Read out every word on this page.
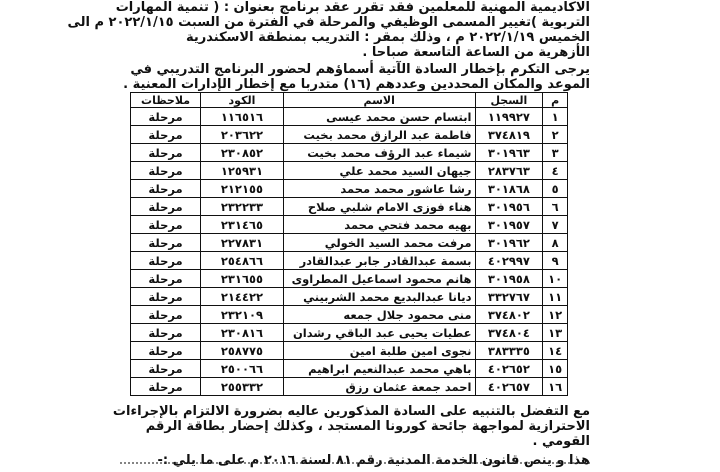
الاكاديمية المهنية للمعلمين فقد تقرر عقد برنامج بعنوان : ( تنمية المهارات

التربوية )تغيير المسمى الوظيفي والمرحلة في الفترة من السبت ٢٠٢٢/١/١٥ م الى

الخميس ٢٠٢٢/١/١٩ م ، وذلك بمقر : التدريب بمنطقة الاسكندرية

الأزهرية من الساعة التاسعة صباحا .

يرجى التكرم بإخطار السادة الآتية أسماؤهم لحضور البرنامج التدريبي في

الموعد والمكان المحددين وعددهم (١٦) متدربا مع إخطار الإدارات المعنية .

م	السجل	الاسم	الكود	ملاحظات
١	١١٩٩٢٧	ابتسام حسن محمد عيسى	١١٦٥١٦	مرحلة
٢	٣٧٤٨١٩	فاطمة عبد الرازق محمد بخيت	٢٠٣٦٢٢	مرحلة
٣	٣٠١٩٦٣	شيماء عبد الرؤف محمد بخيت	٢٣٠٨٥٢	مرحلة
٤	٢٨٣٧٦٣	جيهان السيد محمد علي	١٢٥٩٣١	مرحلة
٥	٣٠١٨٦٨	رشا عاشور محمد محمد	٢١٢١٥٥	مرحلة
٦	٣٠١٩٥٦	هناء فوزى الامام شلبي صلاح	٢٣٢٢٣٣	مرحلة
٧	٣٠١٩٥٧	بهيه محمد فتحي محمد	٢٣١٤٦٥	مرحلة
٨	٣٠١٩٦٢	مرفت محمد السيد الخولي	٢٢٧٨٣١	مرحلة
٩	٤٠٢٩٩٧	بسمة عبدالقادر جابر عبدالقادر	٢٥٤٨٦٦	مرحلة
١٠	٣٠١٩٥٨	هانم محمود اسماعيل المطراوى	٢٣١٦٥٥	مرحلة
١١	٣٣٢٧٦٧	ديانا عبدالبديع محمد الشربيني	٢١٤٤٢٢	مرحلة
١٢	٣٧٤٨٠٢	منى محمود جلال جمعه	٢٣٢١٠٩	مرحلة
١٣	٣٧٤٨٠٤	عطيات يحيى عبد الباقي رشدان	٢٣٠٨١٦	مرحلة
١٤	٣٨٣٣٣٥	نجوى امين طلبة امين	٢٥٨٧٧٥	مرحلة
١٥	٤٠٢٦٥٢	باهي محمد عبدالنعيم ابراهيم	٢٥٠٠٦٦	مرحلة
١٦	٤٠٢٦٥٧	احمد جمعة عثمان رزق	٢٥٥٣٣٢	مرحلة

مع التفضل بالتنبيه على السادة المذكورين عاليه بضرورة الالتزام بالإجراءات

الاحترازية لمواجهة جائحة كورونا المستجد ، وكذلك إحضار بطاقة الرقم

القومي .

هذا و ينص قانون الخدمة المدنية رقم ٨١ لسنة ٢٠١٦ م على ما يلي :-
